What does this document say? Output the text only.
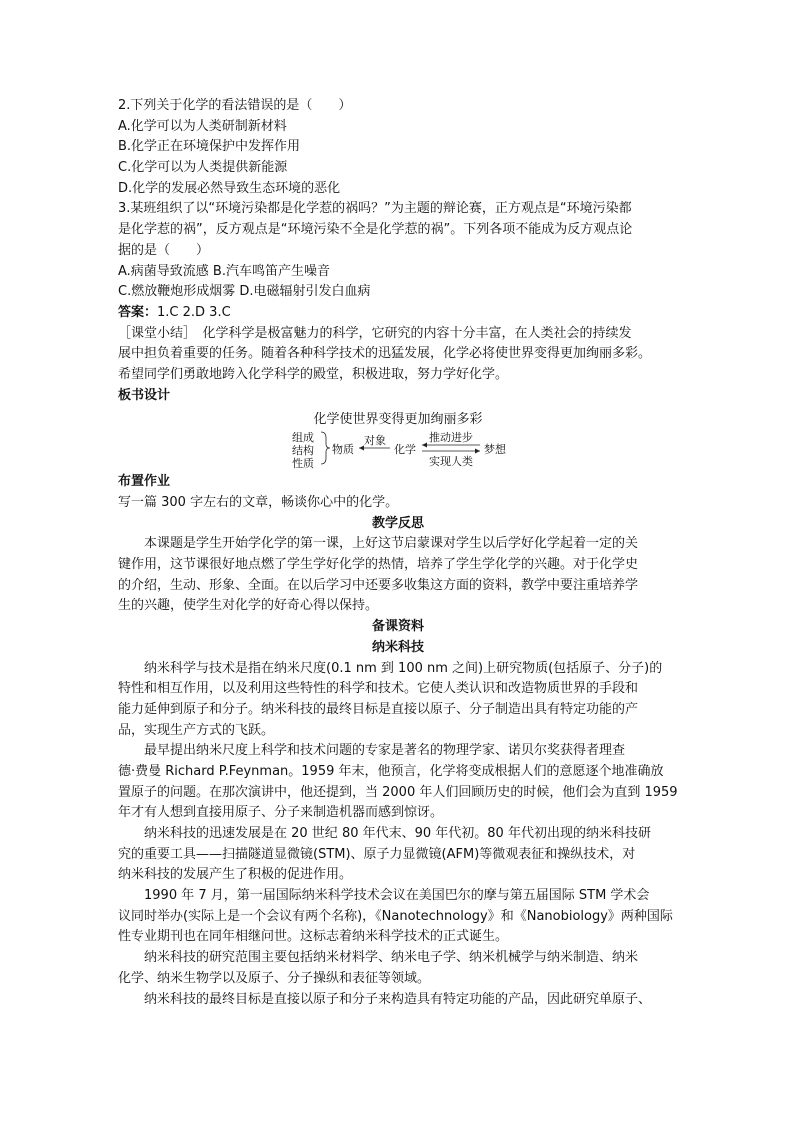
2.下列关于化学的看法错误的是（　　）
A.化学可以为人类研制新材料
B.化学正在环境保护中发挥作用
C.化学可以为人类提供新能源
D.化学的发展必然导致生态环境的恶化
3.某班组织了以“环境污染都是化学惹的祸吗？”为主题的辩论赛，正方观点是“环境污染都
是化学惹的祸”，反方观点是“环境污染不全是化学惹的祸”。下列各项不能成为反方观点论
据的是（　　）
A.病菌导致流感 B.汽车鸣笛产生噪音
C.燃放鞭炮形成烟雾 D.电磁辐射引发白血病
答案：1.C 2.D 3.C
［课堂小结］　化学科学是极富魅力的科学，它研究的内容十分丰富，在人类社会的持续发
展中担负着重要的任务。随着各种科学技术的迅猛发展，化学必将使世界变得更加绚丽多彩。
希望同学们勇敢地跨入化学科学的殿堂，积极进取，努力学好化学。
板书设计
化学使世界变得更加绚丽多彩
组成
结构
性质
物质
对象
化学
推动进步
实现人类
梦想
布置作业
写一篇 300 字左右的文章，畅谈你心中的化学。
教学反思
本课题是学生开始学化学的第一课，上好这节启蒙课对学生以后学好化学起着一定的关
键作用，这节课很好地点燃了学生学好化学的热情，培养了学生学化学的兴趣。对于化学史
的介绍，生动、形象、全面。在以后学习中还要多收集这方面的资料，教学中要注重培养学
生的兴趣，使学生对化学的好奇心得以保持。
备课资料
纳米科技
纳米科学与技术是指在纳米尺度(0.1 nm 到 100 nm 之间)上研究物质(包括原子、分子)的
特性和相互作用，以及利用这些特性的科学和技术。它使人类认识和改造物质世界的手段和
能力延伸到原子和分子。纳米科技的最终目标是直接以原子、分子制造出具有特定功能的产
品，实现生产方式的飞跃。
最早提出纳米尺度上科学和技术问题的专家是著名的物理学家、诺贝尔奖获得者理查
德·费曼 Richard P.Feynman。1959 年末，他预言，化学将变成根据人们的意愿逐个地准确放
置原子的问题。在那次演讲中，他还提到，当 2000 年人们回顾历史的时候，他们会为直到 1959
年才有人想到直接用原子、分子来制造机器而感到惊讶。
纳米科技的迅速发展是在 20 世纪 80 年代末、90 年代初。80 年代初出现的纳米科技研
究的重要工具——扫描隧道显微镜(STM)、原子力显微镜(AFM)等微观表征和操纵技术，对
纳米科技的发展产生了积极的促进作用。
1990 年 7 月，第一届国际纳米科学技术会议在美国巴尔的摩与第五届国际 STM 学术会
议同时举办(实际上是一个会议有两个名称)，《Nanotechnology》和《Nanobiology》两种国际
性专业期刊也在同年相继问世。这标志着纳米科学技术的正式诞生。
纳米科技的研究范围主要包括纳米材料学、纳米电子学、纳米机械学与纳米制造、纳米
化学、纳米生物学以及原子、分子操纵和表征等领域。
纳米科技的最终目标是直接以原子和分子来构造具有特定功能的产品，因此研究单原子、
